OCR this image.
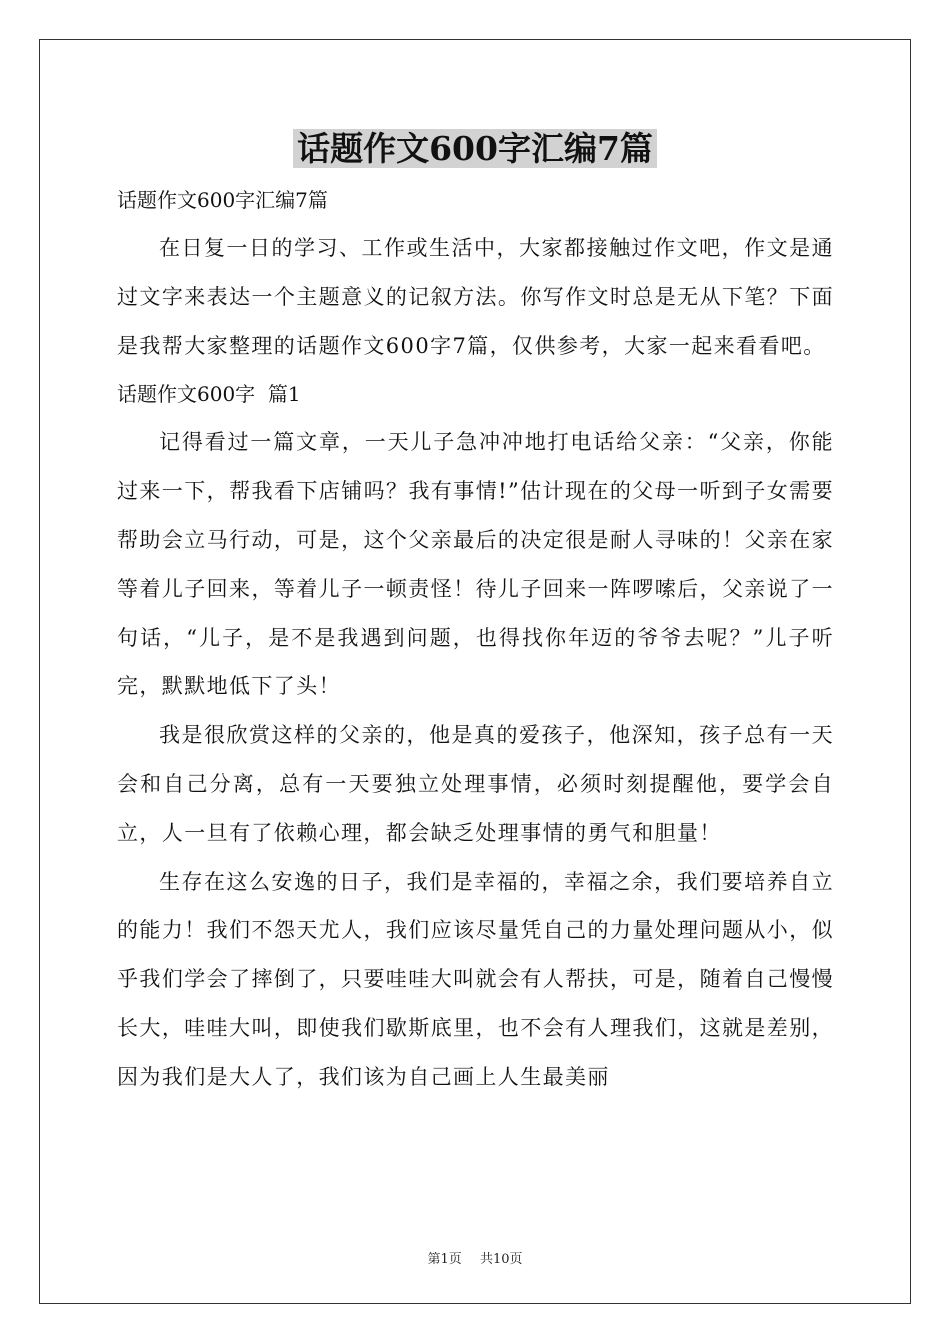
话题作文600字汇编7篇

话题作文600字汇编7篇

在日复一日的学习、工作或生活中，大家都接触过作文吧，作文是通过文字来表达一个主题意义的记叙方法。你写作文时总是无从下笔？下面是我帮大家整理的话题作文600字7篇，仅供参考，大家一起来看看吧。

话题作文600字  篇1

记得看过一篇文章，一天儿子急冲冲地打电话给父亲：“父亲，你能过来一下，帮我看下店铺吗？我有事情!”估计现在的父母一听到子女需要帮助会立马行动，可是，这个父亲最后的决定很是耐人寻味的！父亲在家等着儿子回来，等着儿子一顿责怪！待儿子回来一阵啰嗦后，父亲说了一句话，“儿子，是不是我遇到问题，也得找你年迈的爷爷去呢？”儿子听完，默默地低下了头！

我是很欣赏这样的父亲的，他是真的爱孩子，他深知，孩子总有一天会和自己分离，总有一天要独立处理事情，必须时刻提醒他，要学会自立，人一旦有了依赖心理，都会缺乏处理事情的勇气和胆量！

生存在这么安逸的日子，我们是幸福的，幸福之余，我们要培养自立的能力！我们不怨天尤人，我们应该尽量凭自己的力量处理问题从小，似乎我们学会了摔倒了，只要哇哇大叫就会有人帮扶，可是，随着自己慢慢长大，哇哇大叫，即使我们歇斯底里，也不会有人理我们，这就是差别，因为我们是大人了，我们该为自己画上人生最美丽

第1页 共10页
